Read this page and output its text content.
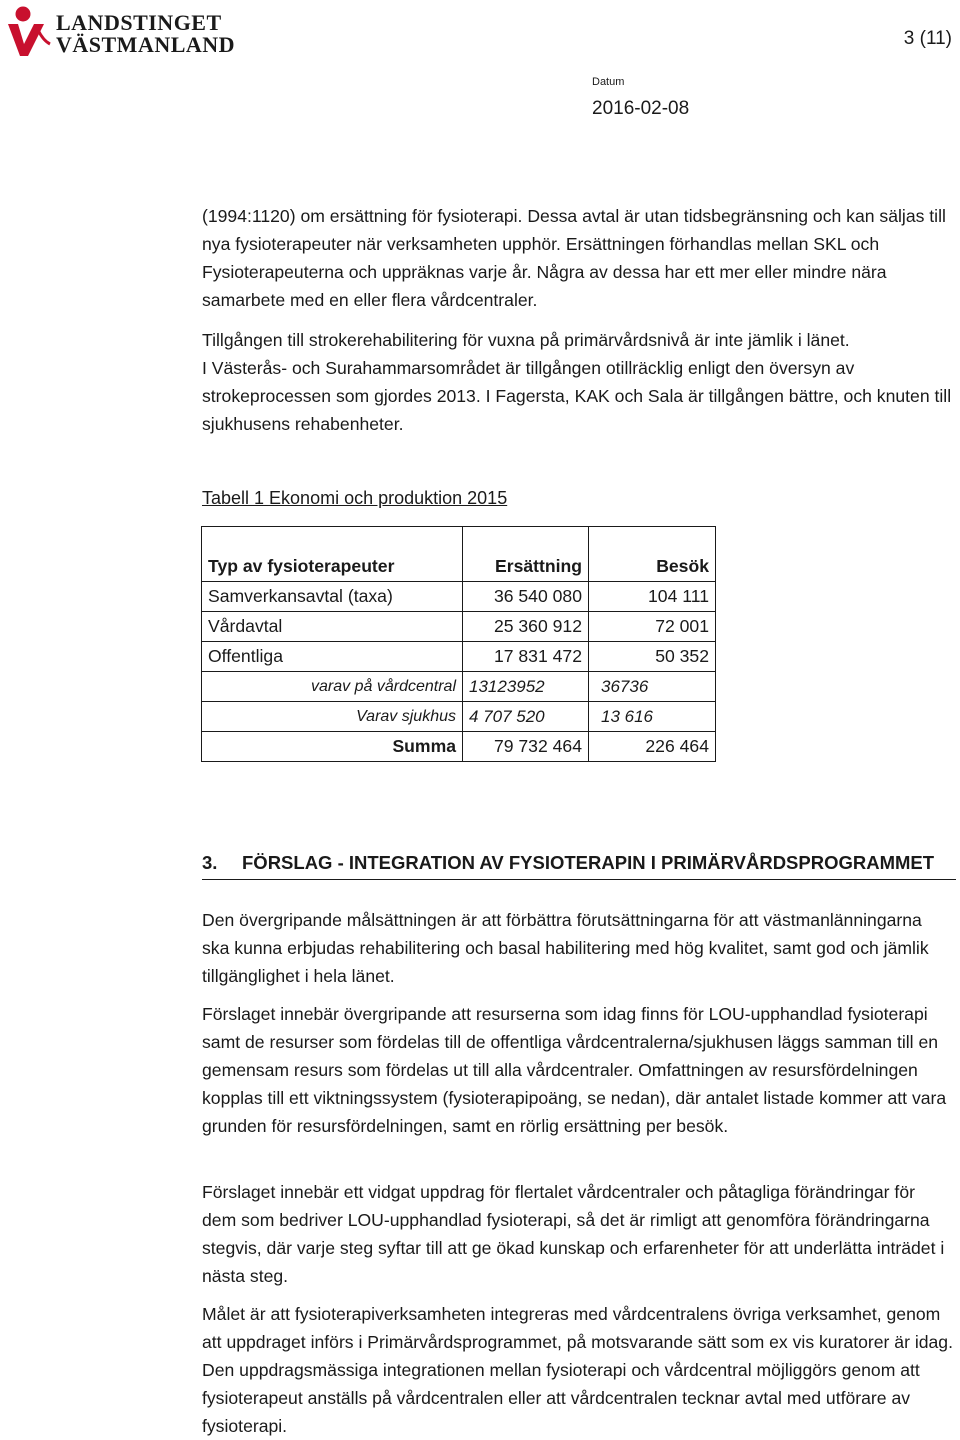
LANDSTINGET
VÄSTMANLAND	3 (11)
Datum
2016-02-08

(1994:1120) om ersättning för fysioterapi. Dessa avtal är utan tidsbegränsning och kan säljas till nya fysioterapeuter när verksamheten upphör. Ersättningen förhandlas mellan SKL och Fysioterapeuterna och uppräknas varje år. Några av dessa har ett mer eller mindre nära samarbete med en eller flera vårdcentraler.

Tillgången till strokerehabilitering för vuxna på primärvårdsnivå är inte jämlik i länet.

I Västerås- och Surahammarsområdet är tillgången otillräcklig enligt den översyn av strokeprocessen som gjordes 2013. I Fagersta, KAK och Sala är tillgången bättre, och knuten till sjukhusens rehabenheter.

Tabell 1 Ekonomi och produktion 2015
Typ av fysioterapeuter	Ersättning	Besök
Samverkansavtal (taxa)	36 540 080	104 111
Vårdavtal	25 360 912	72 001
Offentliga	17 831 472	50 352
varav på vårdcentral	13123952	36736
Varav sjukhus	4 707 520	13 616
Summa	79 732 464	226 464
3. FÖRSLAG - INTEGRATION AV FYSIOTERAPIN I PRIMÄRVÅRDSPROGRAMMET

Den övergripande målsättningen är att förbättra förutsättningarna för att västmanlänningarna ska kunna erbjudas rehabilitering och basal habilitering med hög kvalitet, samt god och jämlik tillgänglighet i hela länet.

Förslaget innebär övergripande att resurserna som idag finns för LOU-upphandlad fysioterapi samt de resurser som fördelas till de offentliga vårdcentralerna/sjukhusen läggs samman till en gemensam resurs som fördelas ut till alla vårdcentraler. Omfattningen av resursfördelningen kopplas till ett viktningssystem (fysioterapipoäng, se nedan), där antalet listade kommer att vara grunden för resursfördelningen, samt en rörlig ersättning per besök.

Förslaget innebär ett vidgat uppdrag för flertalet vårdcentraler och påtagliga förändringar för dem som bedriver LOU-upphandlad fysioterapi, så det är rimligt att genomföra förändringarna stegvis, där varje steg syftar till att ge ökad kunskap och erfarenheter för att underlätta inträdet i nästa steg.

Målet är att fysioterapiverksamheten integreras med vårdcentralens övriga verksamhet, genom att uppdraget införs i Primärvårdsprogrammet, på motsvarande sätt som ex vis kuratorer är idag. Den uppdragsmässiga integrationen mellan fysioterapi och vårdcentral möjliggörs genom att fysioterapeut anställs på vårdcentralen eller att vårdcentralen tecknar avtal med utförare av fysioterapi.
